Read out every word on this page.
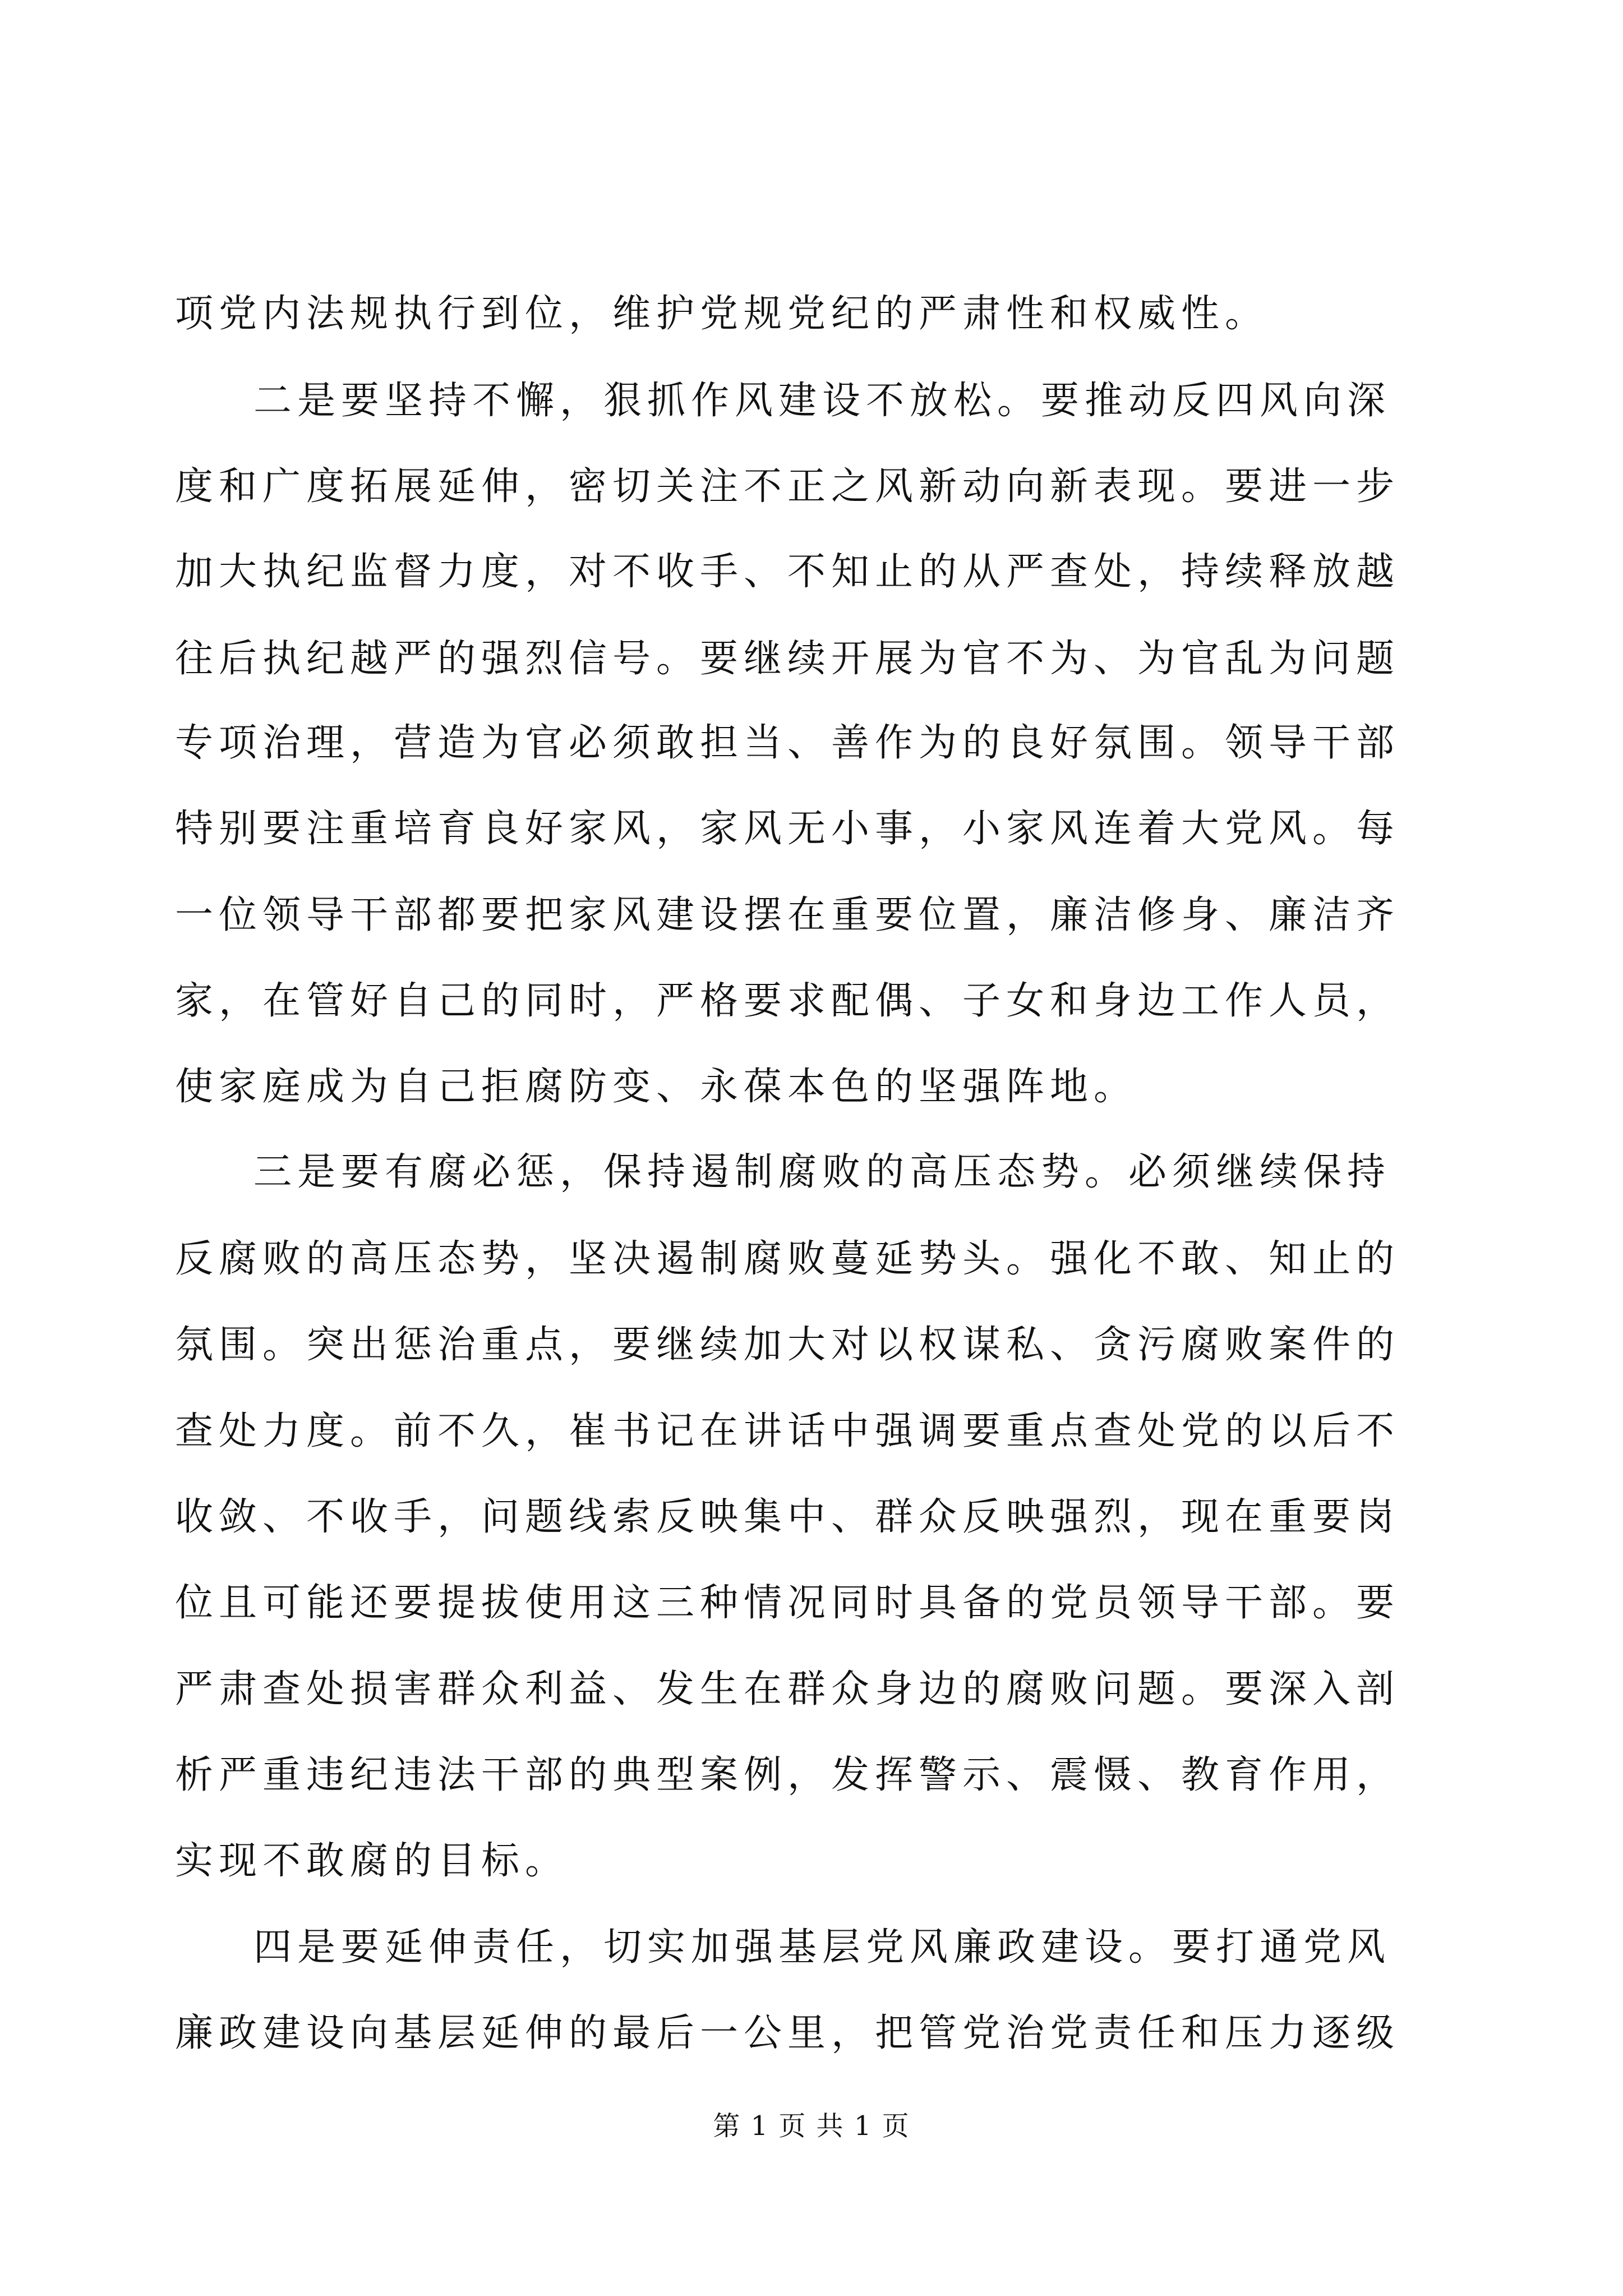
项党内法规执行到位，维护党规党纪的严肃性和权威性。
二是要坚持不懈，狠抓作风建设不放松。要推动反四风向深
度和广度拓展延伸，密切关注不正之风新动向新表现。要进一步
加大执纪监督力度，对不收手、不知止的从严查处，持续释放越
往后执纪越严的强烈信号。要继续开展为官不为、为官乱为问题
专项治理，营造为官必须敢担当、善作为的良好氛围。领导干部
特别要注重培育良好家风，家风无小事，小家风连着大党风。每
一位领导干部都要把家风建设摆在重要位置，廉洁修身、廉洁齐
家，在管好自己的同时，严格要求配偶、子女和身边工作人员，
使家庭成为自己拒腐防变、永葆本色的坚强阵地。
三是要有腐必惩，保持遏制腐败的高压态势。必须继续保持
反腐败的高压态势，坚决遏制腐败蔓延势头。强化不敢、知止的
氛围。突出惩治重点，要继续加大对以权谋私、贪污腐败案件的
查处力度。前不久，崔书记在讲话中强调要重点查处党的以后不
收敛、不收手，问题线索反映集中、群众反映强烈，现在重要岗
位且可能还要提拔使用这三种情况同时具备的党员领导干部。要
严肃查处损害群众利益、发生在群众身边的腐败问题。要深入剖
析严重违纪违法干部的典型案例，发挥警示、震慑、教育作用，
实现不敢腐的目标。
四是要延伸责任，切实加强基层党风廉政建设。要打通党风
廉政建设向基层延伸的最后一公里，把管党治党责任和压力逐级
第 1 页 共 1 页
